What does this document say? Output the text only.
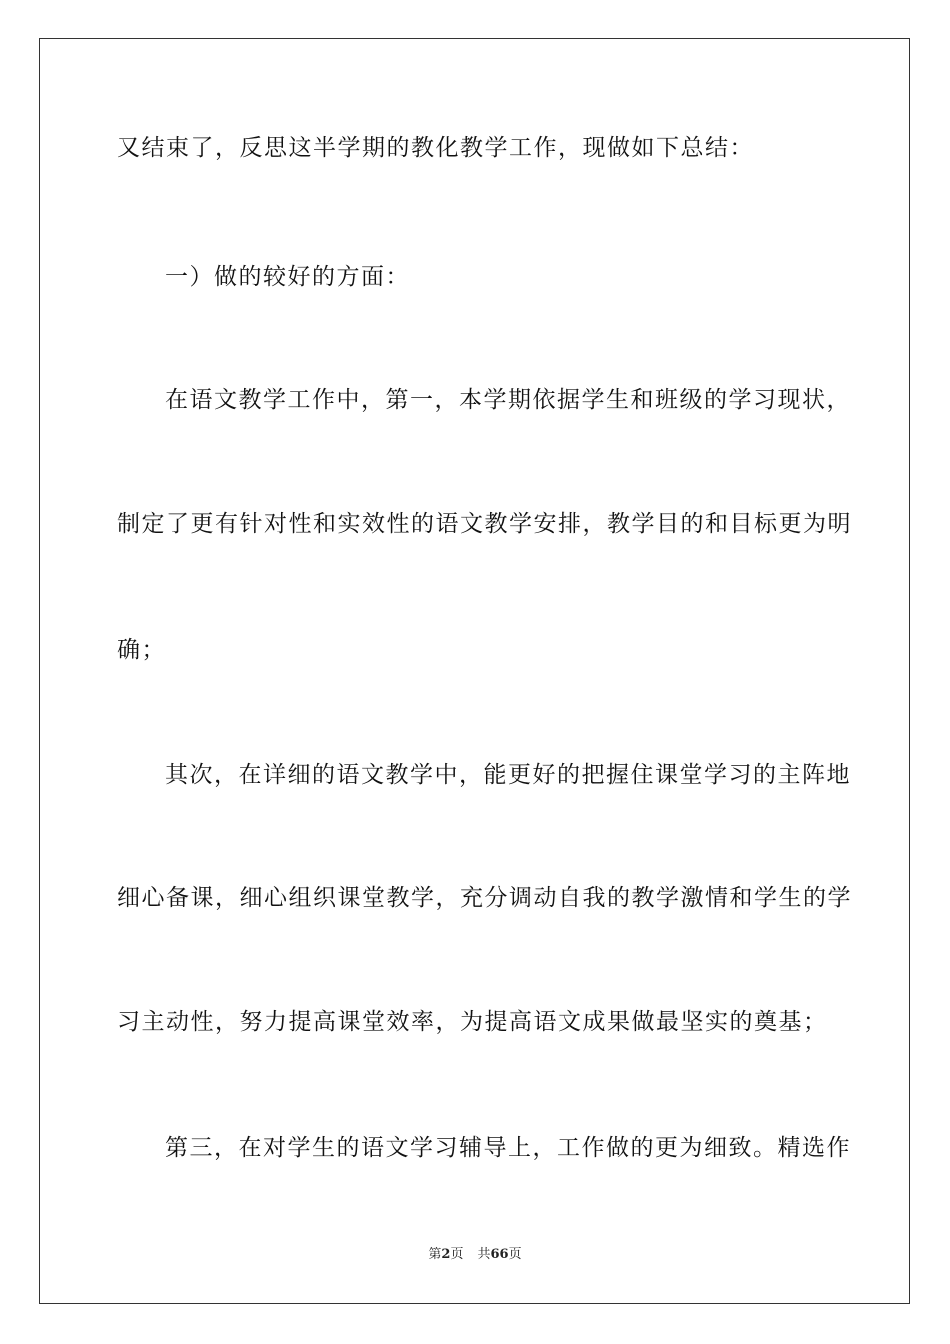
又结束了，反思这半学期的教化教学工作，现做如下总结：
一）做的较好的方面：
在语文教学工作中，第一，本学期依据学生和班级的学习现状，
制定了更有针对性和实效性的语文教学安排，教学目的和目标更为明
确；
其次，在详细的语文教学中，能更好的把握住课堂学习的主阵地
细心备课，细心组织课堂教学，充分调动自我的教学激情和学生的学
习主动性，努力提高课堂效率，为提高语文成果做最坚实的奠基；
第三，在对学生的语文学习辅导上，工作做的更为细致。精选作
第2页 共66页
